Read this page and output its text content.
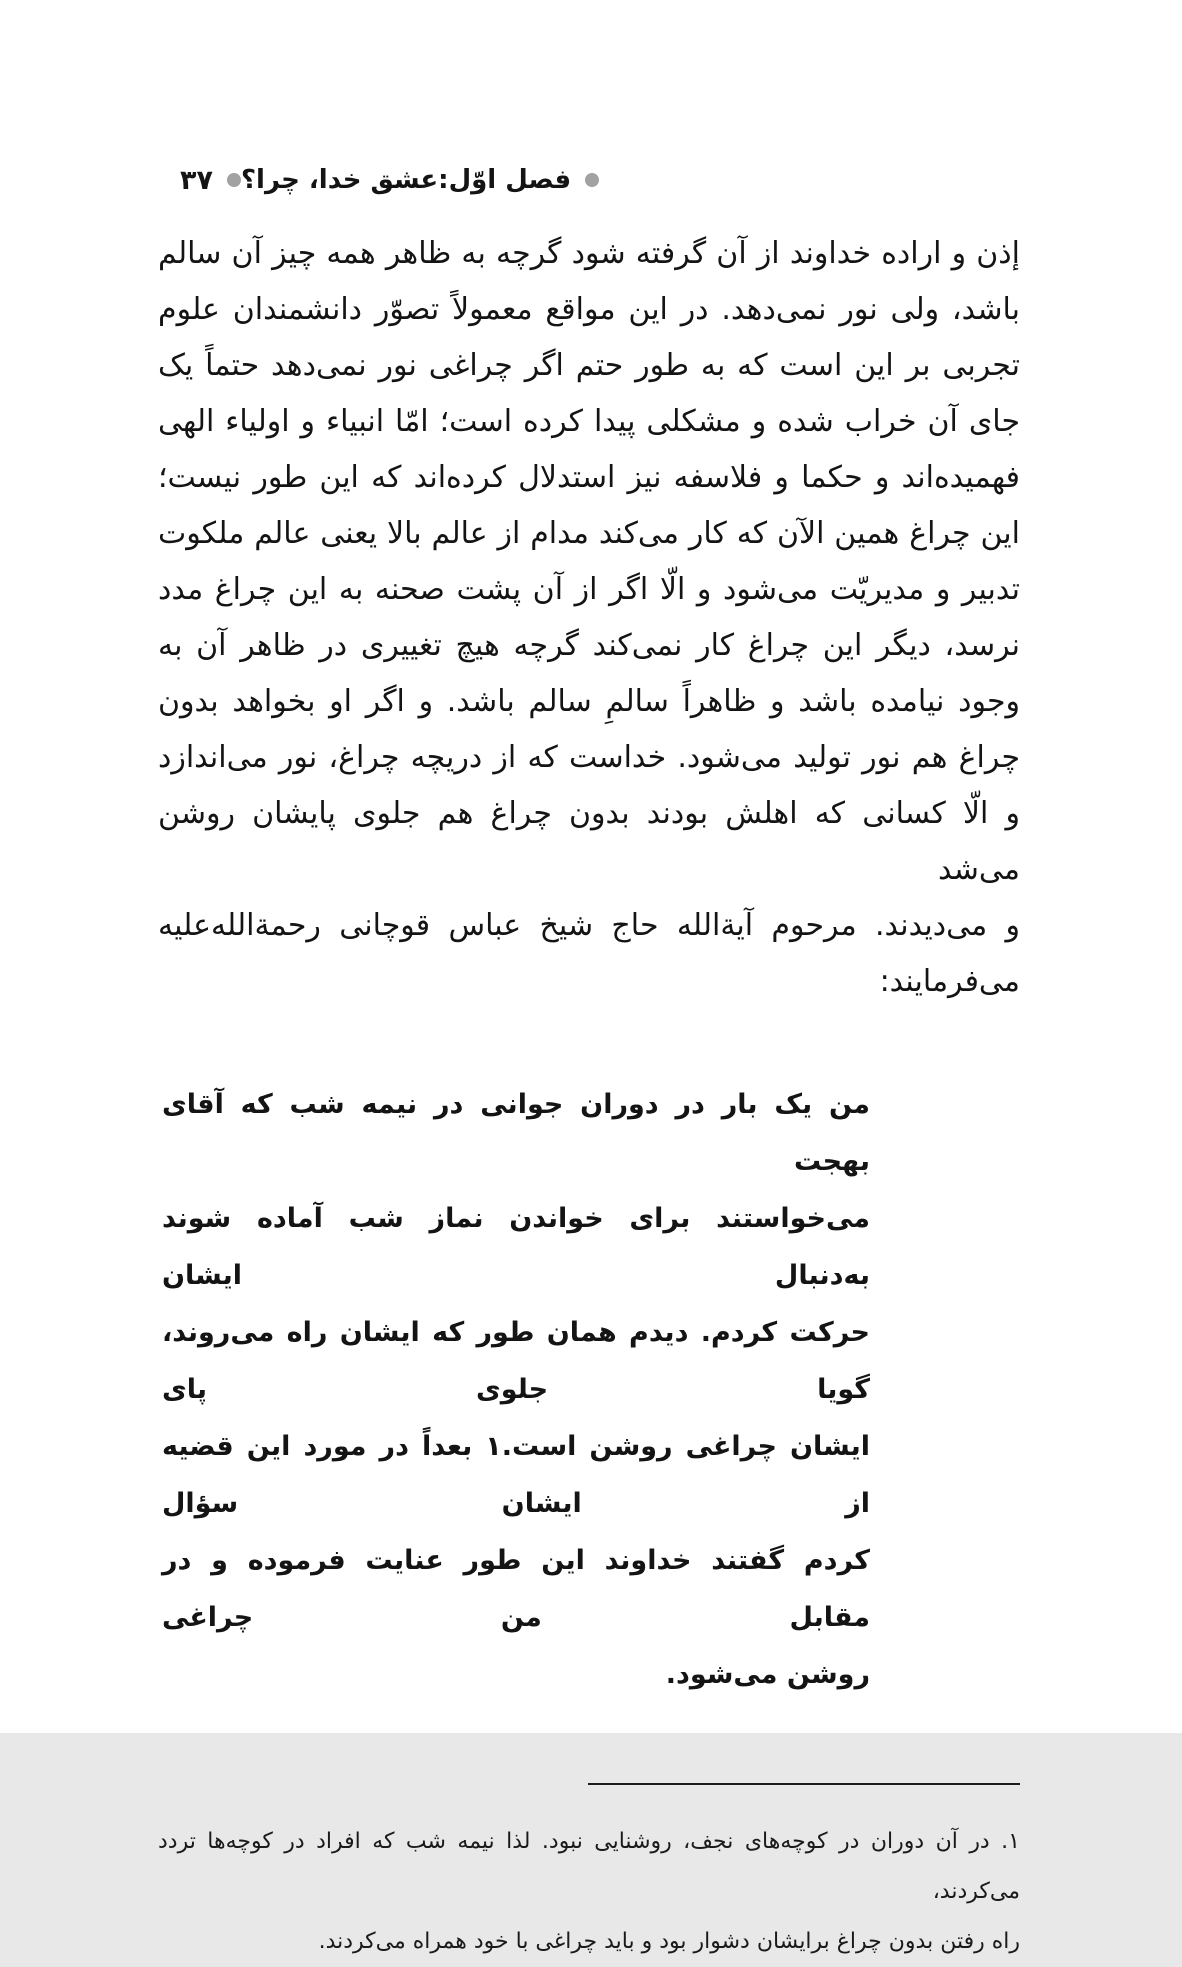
۳۷ فصل اوّل:عشق خدا، چرا؟
إذن و اراده خداوند از آن گرفته شود گرچه به ظاهر همه چیز آن سالم
باشد، ولی نور نمی‌دهد. در این مواقع معمولاً تصوّر دانشمندان علوم
تجربی بر این است که به طور حتم اگر چراغی نور نمی‌دهد حتماً یک
جای آن خراب شده و مشکلی پیدا کرده است؛ امّا انبیاء و اولیاء الهی
فهمیده‌اند و حکما و فلاسفه نیز استدلال کرده‌اند که این طور نیست؛
این چراغ همین الآن که کار می‌کند مدام از عالم بالا یعنی عالم ملکوت
تدبیر و مدیریّت می‌شود و الّا اگر از آن پشت صحنه به این چراغ مدد
نرسد، دیگر این چراغ کار نمی‌کند گرچه هیچ تغییری در ظاهر آن به
وجود نیامده باشد و ظاهراً سالمِ سالم باشد. و اگر او بخواهد بدون
چراغ هم نور تولید می‌شود. خداست که از دریچه چراغ، نور می‌اندازد
و الّا کسانی که اهلش بودند بدون چراغ هم جلوی پایشان روشن می‌شد
و می‌دیدند. مرحوم آیة‌الله حاج شیخ عباس قوچانی رحمة‌الله‌علیه
می‌فرمایند:
من یک بار در دوران جوانی در نیمه شب که آقای بهجت
می‌خواستند برای خواندن نماز شب آماده شوند به‌دنبال ایشان
حرکت کردم. دیدم همان طور که ایشان راه می‌روند، گویا جلوی پای
ایشان چراغی روشن است.۱ بعداً در مورد این قضیه از ایشان سؤال
کردم گفتند خداوند این طور عنایت فرموده و در مقابل من چراغی
روشن می‌شود.
۱. در آن دوران در کوچه‌های نجف، روشنایی نبود. لذا نیمه شب که افراد در کوچه‌ها تردد می‌کردند،
راه رفتن بدون چراغ برایشان دشوار بود و باید چراغی با خود همراه می‌کردند.
